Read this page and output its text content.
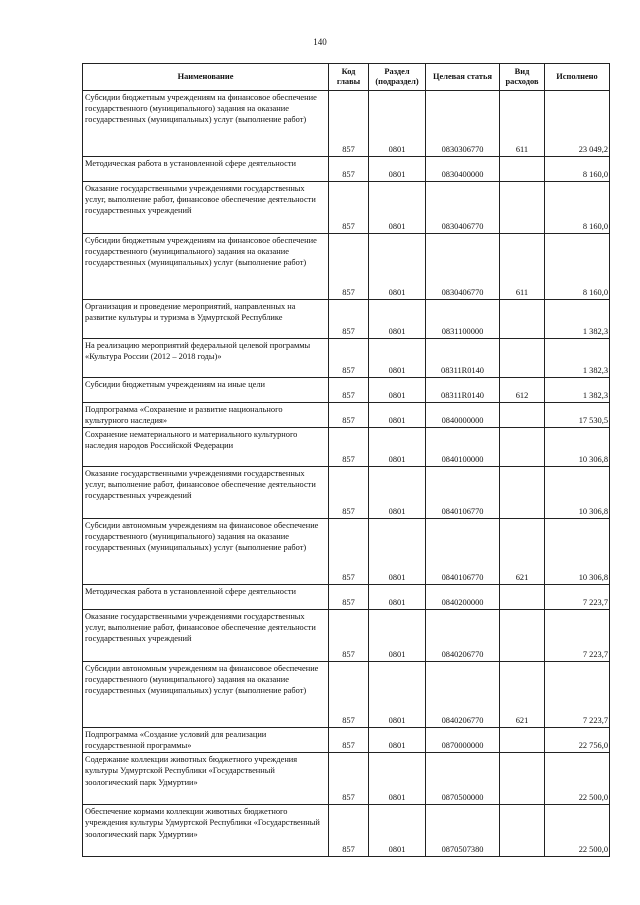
140
Наименование	Код главы	Раздел (подраздел)	Целевая статья	Вид расходов	Исполнено
Субсидии бюджетным учреждениям на финансовое обеспечение государственного (муниципального) задания на оказание государственных (муниципальных) услуг (выполнение работ)	857	0801	0830306770	611	23 049,2
Методическая работа в установленной сфере деятельности	857	0801	0830400000		8 160,0
Оказание государственными учреждениями государственных услуг, выполнение работ, финансовое обеспечение деятельности государственных учреждений	857	0801	0830406770		8 160,0
Субсидии бюджетным учреждениям на финансовое обеспечение государственного (муниципального) задания на оказание государственных (муниципальных) услуг (выполнение работ)	857	0801	0830406770	611	8 160,0
Организация и проведение мероприятий, направленных на развитие культуры и туризма в Удмуртской Республике	857	0801	0831100000		1 382,3
На реализацию мероприятий федеральной целевой программы «Культура России (2012 – 2018 годы)»	857	0801	08311R0140		1 382,3
Субсидии бюджетным учреждениям на иные цели	857	0801	08311R0140	612	1 382,3
Подпрограмма «Сохранение и развитие национального культурного наследия»	857	0801	0840000000		17 530,5
Сохранение нематериального и материального культурного наследия народов Российской Федерации	857	0801	0840100000		10 306,8
Оказание государственными учреждениями государственных услуг, выполнение работ, финансовое обеспечение деятельности государственных учреждений	857	0801	0840106770		10 306,8
Субсидии автономным учреждениям на финансовое обеспечение государственного (муниципального) задания на оказание государственных (муниципальных) услуг (выполнение работ)	857	0801	0840106770	621	10 306,8
Методическая работа в установленной сфере деятельности	857	0801	0840200000		7 223,7
Оказание государственными учреждениями государственных услуг, выполнение работ, финансовое обеспечение деятельности государственных учреждений	857	0801	0840206770		7 223,7
Субсидии автономным учреждениям на финансовое обеспечение государственного (муниципального) задания на оказание государственных (муниципальных) услуг (выполнение работ)	857	0801	0840206770	621	7 223,7
Подпрограмма «Создание условий для реализации государственной программы»	857	0801	0870000000		22 756,0
Содержание коллекции животных бюджетного учреждения культуры Удмуртской Республики «Государственный зоологический парк Удмуртии»	857	0801	0870500000		22 500,0
Обеспечение кормами коллекции животных бюджетного учреждения культуры Удмуртской Республики «Государственный зоологический парк Удмуртии»	857	0801	0870507380		22 500,0
